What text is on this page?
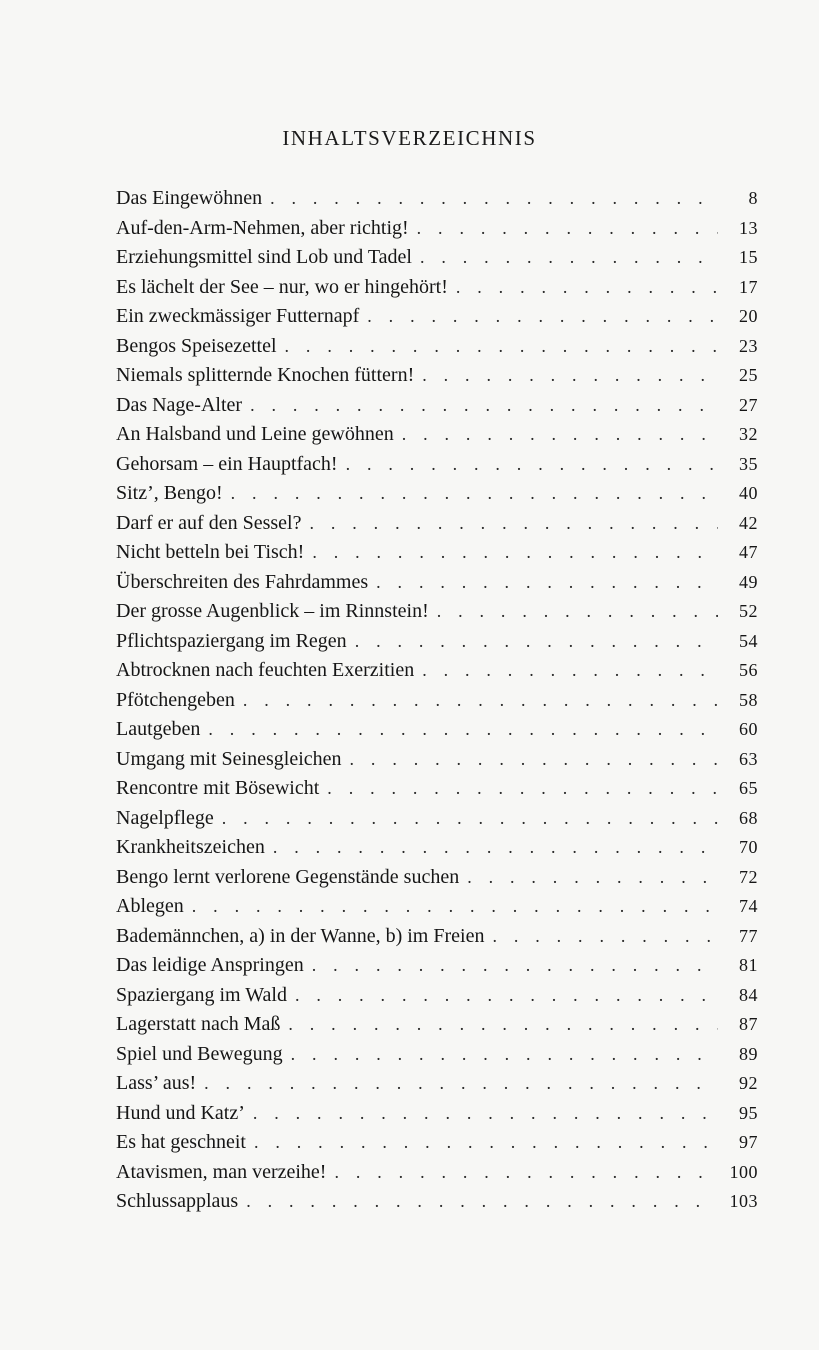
INHALTSVERZEICHNIS
Das Eingewöhnen . . .	8
Auf-den-Arm-Nehmen, aber richtig! . . .	13
Erziehungsmittel sind Lob und Tadel . . .	15
Es lächelt der See – nur, wo er hingehört! . . .	17
Ein zweckmässiger Futternapf . . .	20
Bengos Speisezettel . . .	23
Niemals splitternde Knochen füttern! . . .	25
Das Nage-Alter . . .	27
An Halsband und Leine gewöhnen . . .	32
Gehorsam – ein Hauptfach! . . .	35
Sitz’, Bengo! . . .	40
Darf er auf den Sessel? . . .	42
Nicht betteln bei Tisch! . . .	47
Überschreiten des Fahrdammes . . .	49
Der grosse Augenblick – im Rinnstein! . . .	52
Pflichtspaziergang im Regen . . .	54
Abtrocknen nach feuchten Exerzitien . . .	56
Pfötchengeben . . .	58
Lautgeben . . .	60
Umgang mit Seinesgleichen . . .	63
Rencontre mit Bösewicht . . .	65
Nagelpflege . . .	68
Krankheitszeichen . . .	70
Bengo lernt verlorene Gegenstände suchen . . .	72
Ablegen . . .	74
Bademännchen, a) in der Wanne, b) im Freien . . .	77
Das leidige Anspringen . . .	81
Spaziergang im Wald . . .	84
Lagerstatt nach Maß . . .	87
Spiel und Bewegung . . .	89
Lass’ aus! . . .	92
Hund und Katz’ . . .	95
Es hat geschneit . . .	97
Atavismen, man verzeihe! . . .	100
Schlussapplaus . . .	103
